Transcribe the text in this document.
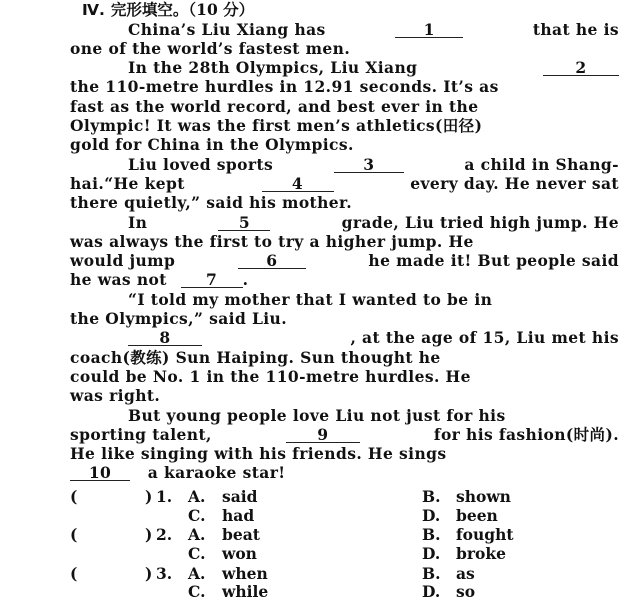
Ⅳ. 完形填空。（10 分）
China’s Liu Xiang has	1	that he is
one of the world’s fastest men.
In the 28th Olympics, Liu Xiang	2
the 110-metre hurdles in 12.91 seconds. It’s as
fast as the world record, and best ever in the
Olympic! It was the first men’s athletics(田径)
gold for China in the Olympics.
Liu loved sports	3	a child in Shang-
hai.“He kept	4	every day. He never sat
there quietly,” said his mother.
In	5	grade, Liu tried high jump. He
was always the first to try a higher jump. He
would jump	6	he made it! But people said
he was not	7 .
“I told my mother that I wanted to be in
the Olympics,” said Liu.
8	, at the age of 15, Liu met his
coach(教练) Sun Haiping. Sun thought he
could be No. 1 in the 110-metre hurdles. He
was right.
But young people love Liu not just for his
sporting talent,	9	for his fashion(时尚).
He like singing with his friends. He sings
10 a karaoke star!
(	) 1. A. said	B. shown
C. had	D. been
(	) 2. A. beat	B. fought
C. won	D. broke
(	) 3. A. when	B. as
C. while	D. so
